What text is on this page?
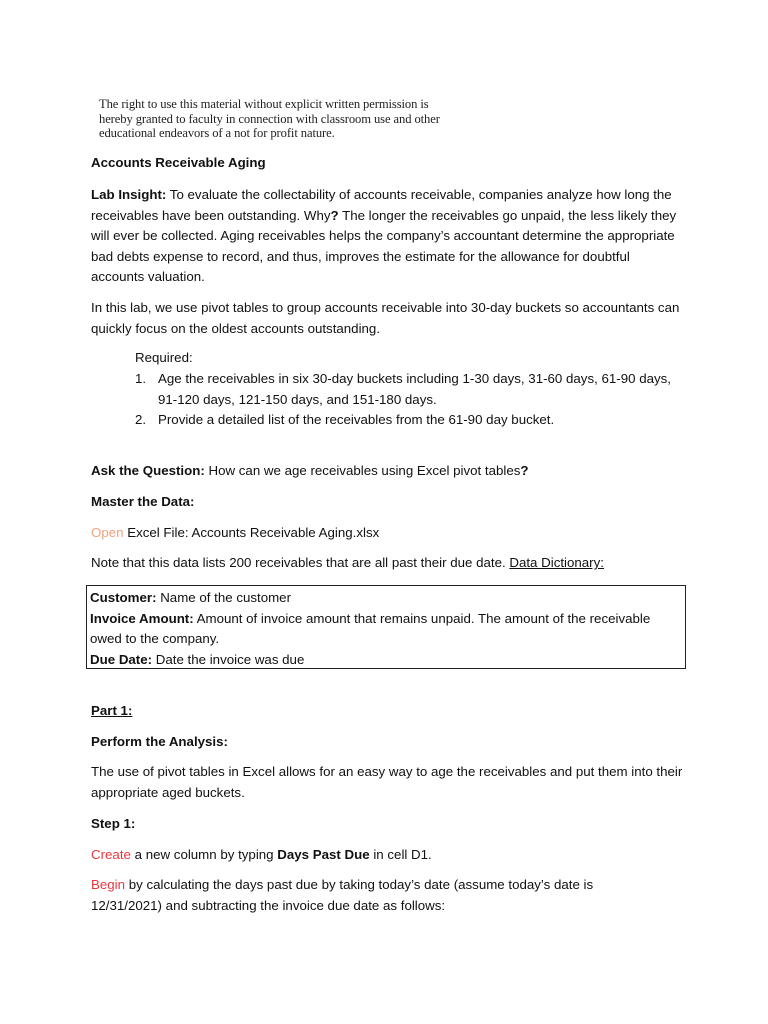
The right to use this material without explicit written permission is
hereby granted to faculty in connection with classroom use and other
educational endeavors of a not for profit nature.
Accounts Receivable Aging
Lab Insight: To evaluate the collectability of accounts receivable, companies analyze how long the receivables have been outstanding. Why? The longer the receivables go unpaid, the less likely they will ever be collected. Aging receivables helps the company’s accountant determine the appropriate bad debts expense to record, and thus, improves the estimate for the allowance for doubtful accounts valuation.
In this lab, we use pivot tables to group accounts receivable into 30-day buckets so accountants can quickly focus on the oldest accounts outstanding.
Required:
1. Age the receivables in six 30-day buckets including 1-30 days, 31-60 days, 61-90 days, 91-120 days, 121-150 days, and 151-180 days.
2. Provide a detailed list of the receivables from the 61-90 day bucket.
Ask the Question: How can we age receivables using Excel pivot tables?
Master the Data:
Open Excel File: Accounts Receivable Aging.xlsx
Note that this data lists 200 receivables that are all past their due date. Data Dictionary:
Customer: Name of the customer
Invoice Amount: Amount of invoice amount that remains unpaid. The amount of the receivable owed to the company.
Due Date: Date the invoice was due
Part 1:
Perform the Analysis:
The use of pivot tables in Excel allows for an easy way to age the receivables and put them into their appropriate aged buckets.
Step 1:
Create a new column by typing Days Past Due in cell D1.
Begin by calculating the days past due by taking today’s date (assume today’s date is 12/31/2021) and subtracting the invoice due date as follows:
